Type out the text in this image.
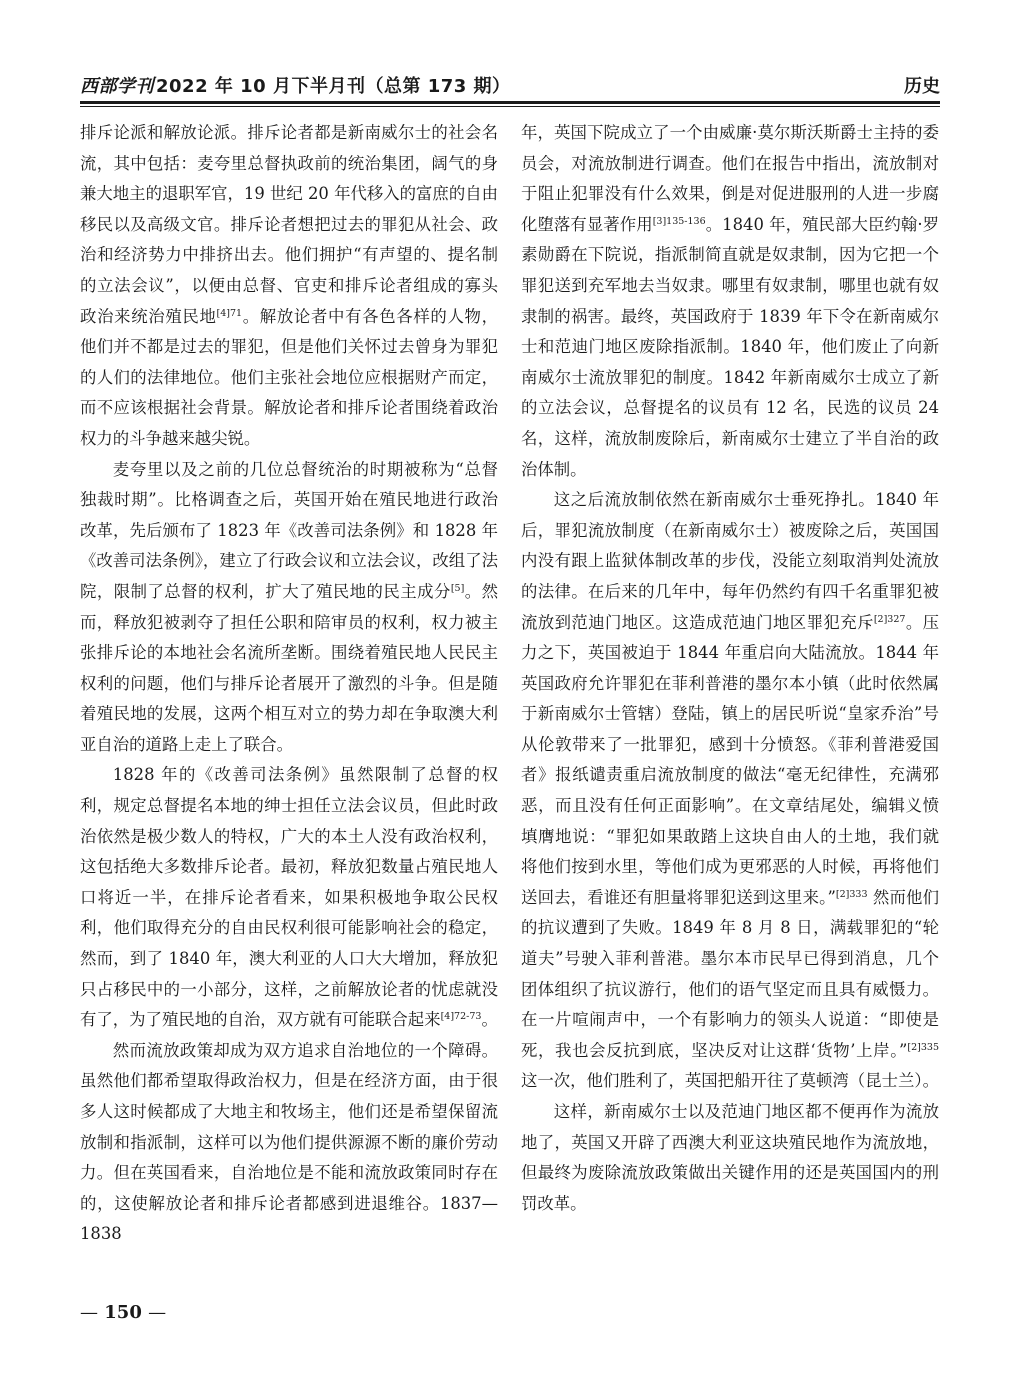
西部学刊 2022 年 10 月下半月刊（总第 173 期）	历史

排斥论派和解放论派。排斥论者都是新南威尔士的社会名流，其中包括：麦夸里总督执政前的统治集团，阔气的身兼大地主的退职军官，19 世纪 20 年代移入的富庶的自由移民以及高级文官。排斥论者想把过去的罪犯从社会、政治和经济势力中排挤出去。他们拥护“有声望的、提名制的立法会议”，以便由总督、官吏和排斥论者组成的寡头政治来统治殖民地$^{[4]71}$。解放论者中有各色各样的人物，他们并不都是过去的罪犯，但是他们关怀过去曾身为罪犯的人们的法律地位。他们主张社会地位应根据财产而定，而不应该根据社会背景。解放论者和排斥论者围绕着政治权力的斗争越来越尖锐。

麦夸里以及之前的几位总督统治的时期被称为“总督独裁时期”。比格调查之后，英国开始在殖民地进行政治改革，先后颁布了 1823 年《改善司法条例》和 1828 年《改善司法条例》，建立了行政会议和立法会议，改组了法院，限制了总督的权利，扩大了殖民地的民主成分[5]。然而，释放犯被剥夺了担任公职和陪审员的权利，权力被主张排斥论的本地社会名流所垄断。围绕着殖民地人民民主权利的问题，他们与排斥论者展开了激烈的斗争。但是随着殖民地的发展，这两个相互对立的势力却在争取澳大利亚自治的道路上走上了联合。

1828 年的《改善司法条例》虽然限制了总督的权利，规定总督提名本地的绅士担任立法会议员，但此时政治依然是极少数人的特权，广大的本土人没有政治权利，这包括绝大多数排斥论者。最初，释放犯数量占殖民地人口将近一半，在排斥论者看来，如果积极地争取公民权利，他们取得充分的自由民权利很可能影响社会的稳定，然而，到了 1840 年，澳大利亚的人口大大增加，释放犯只占移民中的一小部分，这样，之前解放论者的忧虑就没有了，为了殖民地的自治，双方就有可能联合起来$^{[4]72-73}$。

然而流放政策却成为双方追求自治地位的一个障碍。虽然他们都希望取得政治权力，但是在经济方面，由于很多人这时候都成了大地主和牧场主，他们还是希望保留流放制和指派制，这样可以为他们提供源源不断的廉价劳动力。但在英国看来，自治地位是不能和流放政策同时存在的，这使解放论者和排斥论者都感到进退维谷。1837—1838

年，英国下院成立了一个由威廉·莫尔斯沃斯爵士主持的委员会，对流放制进行调查。他们在报告中指出，流放制对于阻止犯罪没有什么效果，倒是对促进服刑的人进一步腐化堕落有显著作用$^{[3]135-136}$。1840 年，殖民部大臣约翰·罗素勋爵在下院说，指派制简直就是奴隶制，因为它把一个罪犯送到充军地去当奴隶。哪里有奴隶制，哪里也就有奴隶制的祸害。最终，英国政府于 1839 年下令在新南威尔士和范迪门地区废除指派制。1840 年，他们废止了向新南威尔士流放罪犯的制度。1842 年新南威尔士成立了新的立法会议，总督提名的议员有 12 名，民选的议员 24 名，这样，流放制废除后，新南威尔士建立了半自治的政治体制。

这之后流放制依然在新南威尔士垂死挣扎。1840 年后，罪犯流放制度（在新南威尔士）被废除之后，英国国内没有跟上监狱体制改革的步伐，没能立刻取消判处流放的法律。在后来的几年中，每年仍然约有四千名重罪犯被流放到范迪门地区。这造成范迪门地区罪犯充斥$^{[2]327}$。压力之下，英国被迫于 1844 年重启向大陆流放。1844 年英国政府允许罪犯在菲利普港的墨尔本小镇（此时依然属于新南威尔士管辖）登陆，镇上的居民听说“皇家乔治”号从伦敦带来了一批罪犯，感到十分愤怒。《菲利普港爱国者》报纸谴责重启流放制度的做法“毫无纪律性，充满邪恶，而且没有任何正面影响”。在文章结尾处，编辑义愤填膺地说：“罪犯如果敢踏上这块自由人的土地，我们就将他们按到水里，等他们成为更邪恶的人时候，再将他们送回去，看谁还有胆量将罪犯送到这里来。”$^{[2]333}$ 然而他们的抗议遭到了失败。1849 年 8 月 8 日，满载罪犯的“轮道夫”号驶入菲利普港。墨尔本市民早已得到消息，几个团体组织了抗议游行，他们的语气坚定而且具有威慑力。在一片喧闹声中，一个有影响力的领头人说道：“即使是死，我也会反抗到底，坚决反对让这群‘货物’上岸。”$^{[2]335}$ 这一次，他们胜利了，英国把船开往了莫顿湾（昆士兰）。

这样，新南威尔士以及范迪门地区都不便再作为流放地了，英国又开辟了西澳大利亚这块殖民地作为流放地，但最终为废除流放政策做出关键作用的还是英国国内的刑罚改革。

— 150 —
